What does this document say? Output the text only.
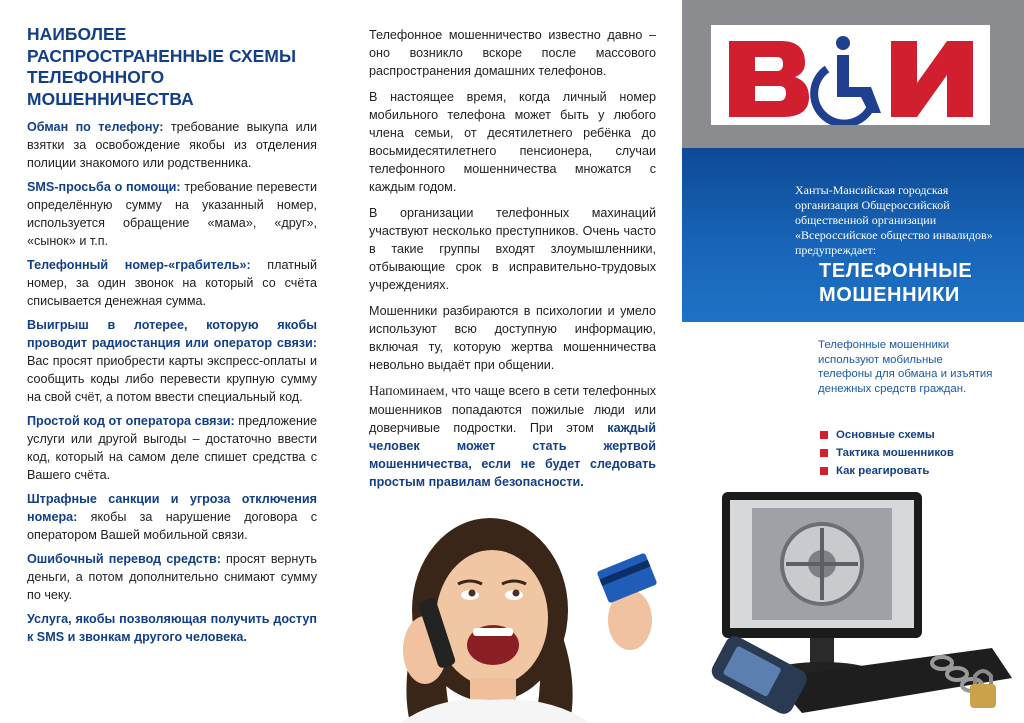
НАИБОЛЕЕ РАСПРОСТРАНЕННЫЕ СХЕМЫ ТЕЛЕФОННОГО МОШЕННИЧЕСТВА

Обман по телефону: требование выкупа или взятки за освобождение якобы из отделения полиции знакомого или родственника.

SMS-просьба о помощи: требование перевести определённую сумму на указанный номер, используется обращение «мама», «друг», «сынок» и т.п.

Телефонный номер-«грабитель»: платный номер, за один звонок на который со счёта списывается денежная сумма.

Выигрыш в лотерее, которую якобы проводит радиостанция или оператор связи: Вас просят приобрести карты экспресс-оплаты и сообщить коды либо перевести крупную сумму на свой счёт, а потом ввести специальный код.

Простой код от оператора связи: предложение услуги или другой выгоды – достаточно ввести код, который на самом деле спишет средства с Вашего счёта.

Штрафные санкции и угроза отключения номера: якобы за нарушение договора с оператором Вашей мобильной связи.

Ошибочный перевод средств: просят вернуть деньги, а потом дополнительно снимают сумму по чеку.

Услуга, якобы позволяющая получить доступ к SMS и звонкам другого человека.

Телефонное мошенничество известно давно – оно возникло вскоре после массового распространения домашних телефонов.

В настоящее время, когда личный номер мобильного телефона может быть у любого члена семьи, от десятилетнего ребёнка до восьмидесятилетнего пенсионера, случаи телефонного мошенничества множатся с каждым годом.

В организации телефонных махинаций участвуют несколько преступников. Очень часто в такие группы входят злоумышленники, отбывающие срок в исправительно-трудовых учреждениях.

Мошенники разбираются в психологии и умело используют всю доступную информацию, включая ту, которую жертва мошенничества невольно выдаёт при общении.

Напоминаем, что чаще всего в сети телефонных мошенников попадаются пожилые люди или доверчивые подростки. При этом каждый человек может стать жертвой мошенничества, если не будет следовать простым правилам безопасности.

Ханты-Мансийская городская организация Общероссийской общественной организации «Всероссийское общество инвалидов» предупреждает:
ТЕЛЕФОННЫЕ
МОШЕННИКИ
Телефонные мошенники используют мобильные телефоны для обмана и изъятия денежных средств граждан.
Основные схемы
Тактика мошенников
Как реагировать
